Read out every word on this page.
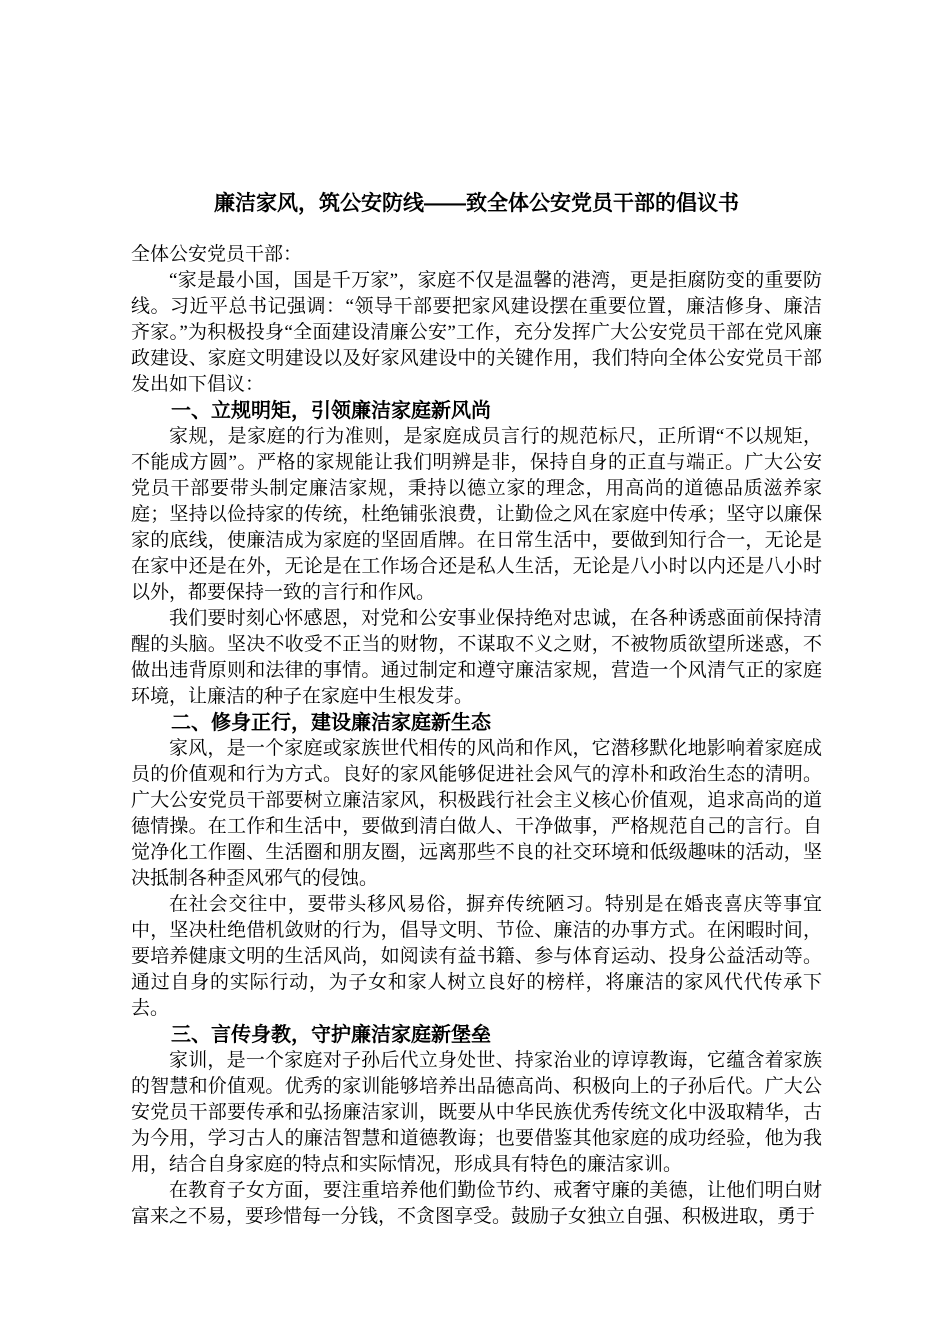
廉洁家风，筑公安防线——致全体公安党员干部的倡议书

全体公安党员干部：

“家是最小国，国是千万家”，家庭不仅是温馨的港湾，更是拒腐防变的重要防线。习近平总书记强调：“领导干部要把家风建设摆在重要位置，廉洁修身、廉洁齐家。”为积极投身“全面建设清廉公安”工作，充分发挥广大公安党员干部在党风廉政建设、家庭文明建设以及好家风建设中的关键作用，我们特向全体公安党员干部发出如下倡议：

一、立规明矩，引领廉洁家庭新风尚

家规，是家庭的行为准则，是家庭成员言行的规范标尺，正所谓“不以规矩，不能成方圆”。严格的家规能让我们明辨是非，保持自身的正直与端正。广大公安党员干部要带头制定廉洁家规，秉持以德立家的理念，用高尚的道德品质滋养家庭；坚持以俭持家的传统，杜绝铺张浪费，让勤俭之风在家庭中传承；坚守以廉保家的底线，使廉洁成为家庭的坚固盾牌。在日常生活中，要做到知行合一，无论是在家中还是在外，无论是在工作场合还是私人生活，无论是八小时以内还是八小时以外，都要保持一致的言行和作风。

我们要时刻心怀感恩，对党和公安事业保持绝对忠诚，在各种诱惑面前保持清醒的头脑。坚决不收受不正当的财物，不谋取不义之财，不被物质欲望所迷惑，不做出违背原则和法律的事情。通过制定和遵守廉洁家规，营造一个风清气正的家庭环境，让廉洁的种子在家庭中生根发芽。

二、修身正行，建设廉洁家庭新生态

家风，是一个家庭或家族世代相传的风尚和作风，它潜移默化地影响着家庭成员的价值观和行为方式。良好的家风能够促进社会风气的淳朴和政治生态的清明。广大公安党员干部要树立廉洁家风，积极践行社会主义核心价值观，追求高尚的道德情操。在工作和生活中，要做到清白做人、干净做事，严格规范自己的言行。自觉净化工作圈、生活圈和朋友圈，远离那些不良的社交环境和低级趣味的活动，坚决抵制各种歪风邪气的侵蚀。

在社会交往中，要带头移风易俗，摒弃传统陋习。特别是在婚丧喜庆等事宜中，坚决杜绝借机敛财的行为，倡导文明、节俭、廉洁的办事方式。在闲暇时间，要培养健康文明的生活风尚，如阅读有益书籍、参与体育运动、投身公益活动等。通过自身的实际行动，为子女和家人树立良好的榜样，将廉洁的家风代代传承下去。

三、言传身教，守护廉洁家庭新堡垒

家训，是一个家庭对子孙后代立身处世、持家治业的谆谆教诲，它蕴含着家族的智慧和价值观。优秀的家训能够培养出品德高尚、积极向上的子孙后代。广大公安党员干部要传承和弘扬廉洁家训，既要从中华民族优秀传统文化中汲取精华，古为今用，学习古人的廉洁智慧和道德教诲；也要借鉴其他家庭的成功经验，他为我用，结合自身家庭的特点和实际情况，形成具有特色的廉洁家训。

在教育子女方面，要注重培养他们勤俭节约、戒奢守廉的美德，让他们明白财富来之不易，要珍惜每一分钱，不贪图享受。鼓励子女独立自强、积极进取，勇于
